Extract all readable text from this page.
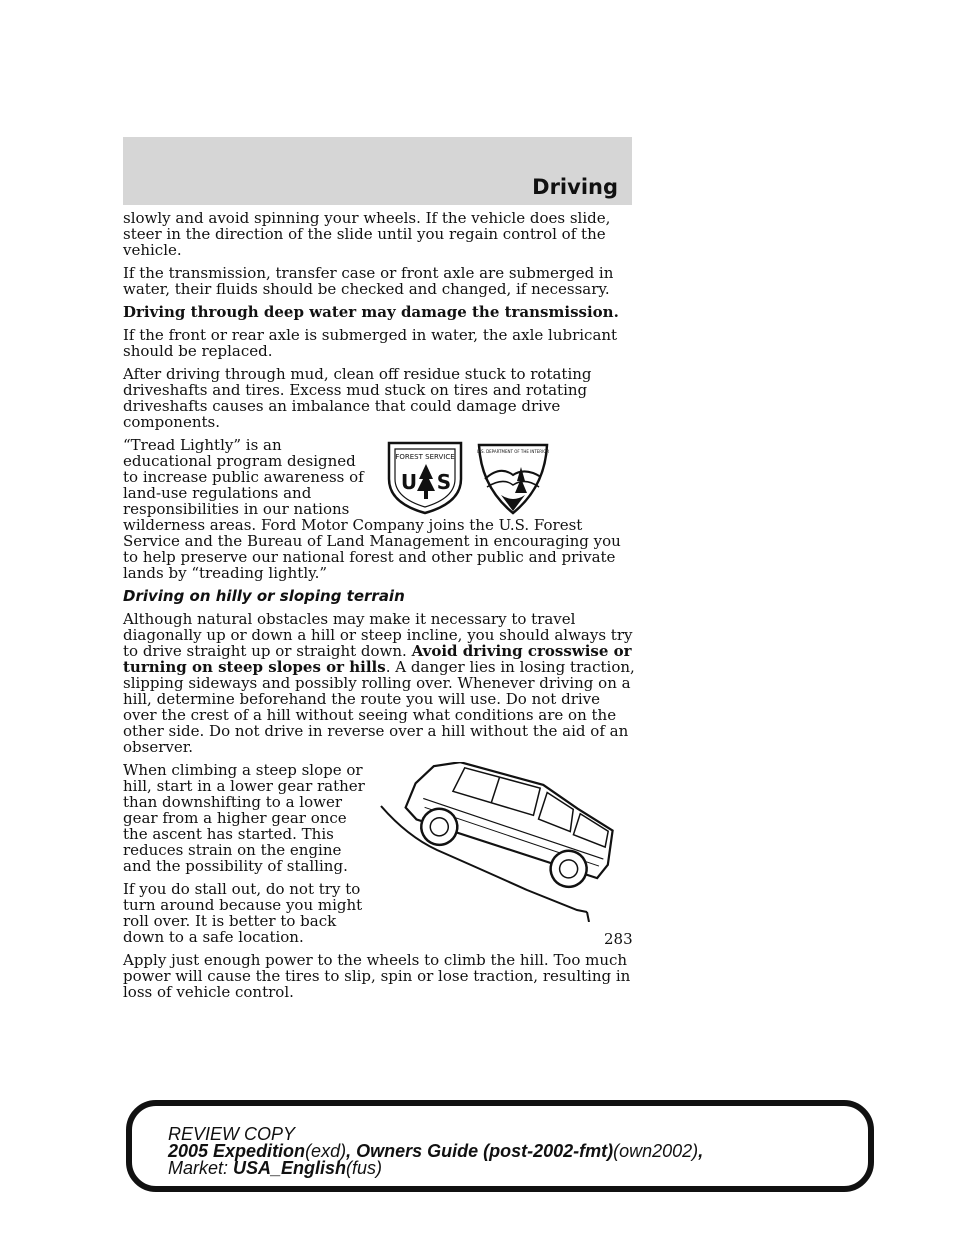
Driving

slowly and avoid spinning your wheels. If the vehicle does slide, steer in the direction of the slide until you regain control of the vehicle.

If the transmission, transfer case or front axle are submerged in water, their fluids should be checked and changed, if necessary.

Driving through deep water may damage the transmission.

If the front or rear axle is submerged in water, the axle lubricant should be replaced.

After driving through mud, clean off residue stuck to rotating driveshafts and tires. Excess mud stuck on tires and rotating driveshafts causes an imbalance that could damage drive components.

FOREST SERVICE
U S
U.S. DEPARTMENT OF THE INTERIOR

“Tread Lightly” is an educational program designed to increase public awareness of land-use regulations and responsibilities in our nations wilderness areas. Ford Motor Company joins the U.S. Forest Service and the Bureau of Land Management in encouraging you to help preserve our national forest and other public and private lands by “treading lightly.”

Driving on hilly or sloping terrain

Although natural obstacles may make it necessary to travel diagonally up or down a hill or steep incline, you should always try to drive straight up or straight down. Avoid driving crosswise or turning on steep slopes or hills. A danger lies in losing traction, slipping sideways and possibly rolling over. Whenever driving on a hill, determine beforehand the route you will use. Do not drive over the crest of a hill without seeing what conditions are on the other side. Do not drive in reverse over a hill without the aid of an observer.

When climbing a steep slope or hill, start in a lower gear rather than downshifting to a lower gear from a higher gear once the ascent has started. This reduces strain on the engine and the possibility of stalling.

If you do stall out, do not try to turn around because you might roll over. It is better to back down to a safe location.

Apply just enough power to the wheels to climb the hill. Too much power will cause the tires to slip, spin or lose traction, resulting in loss of vehicle control.

283
REVIEW COPY
2005 Expedition(exd), Owners Guide (post-2002-fmt)(own2002),
Market: USA_English(fus)
